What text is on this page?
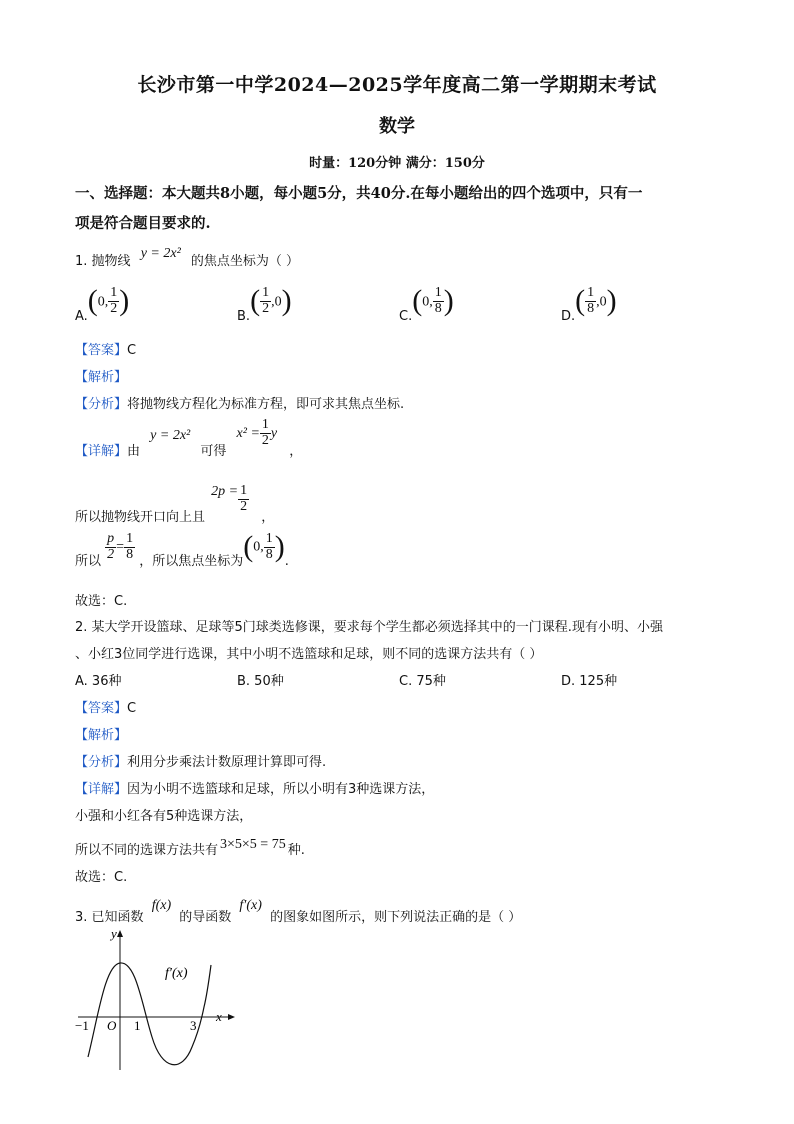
长沙市第一中学2024—2025学年度高二第一学期期末考试
数学
时量：120分钟 满分：150分
一、选择题：本大题共8小题，每小题5分，共40分.在每小题给出的四个选项中，只有一
项是符合题目要求的.
1. 抛物线 y = 2x² 的焦点坐标为（ ）
$_{A.}$(0, $\frac{1}{2}$ )	$_{B.}( \frac{1}{2} ,0)$	$_{C.}$(0, $\frac{1}{8}$ )	$_{D.}( \frac{1}{8} ,0)$
【答案】C
【解析】
【分析】将抛物线方程化为标准方程，即可求其焦点坐标.
【详解】由 y = 2x² 可得 $x^2 = \frac{1}{2}$ y ，
所以抛物线开口向上且 $2p = \frac{1}{2}$
，
所以 $\frac{p}{2} = \frac{1}{8}$ ，所以焦点坐标为(0, $\frac{1}{8}$ ).
故选：C.
2. 某大学开设篮球、足球等5门球类选修课，要求每个学生都必须选择其中的一门课程.现有小明、小强
、小红3位同学进行选课，其中小明不选篮球和足球，则不同的选课方法共有（ ）
A. 36种	B. 50种	C. 75种	D. 125种
【答案】C
【解析】
【分析】利用分步乘法计数原理计算即可得.
【详解】因为小明不选篮球和足球，所以小明有3种选课方法，
小强和小红各有5种选课方法，
所以不同的选课方法共有 3×5×5 = 75 种.
故选：C.
3. 已知函数 f(x) 的导函数 f′(x) 的图象如图所示，则下列说法正确的是（ ）
y
x
f′(x)
O
−1	1	3
